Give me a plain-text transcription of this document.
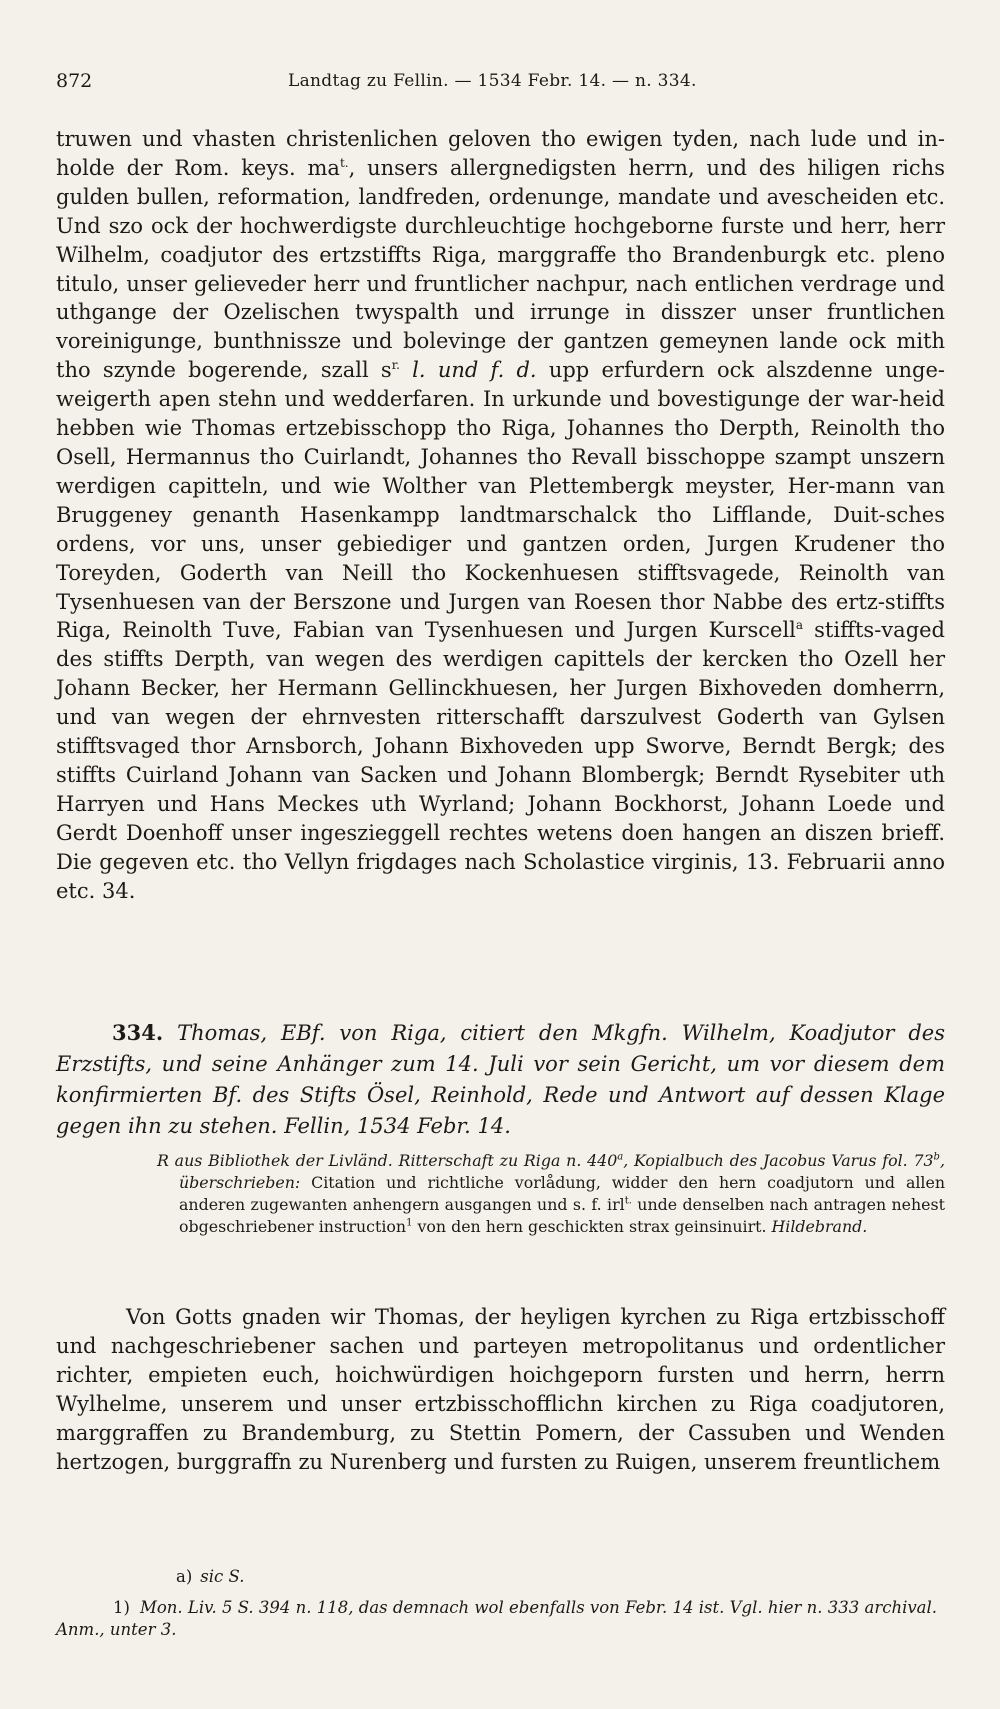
872	Landtag zu Fellin. — 1534 Febr. 14. — n. 334.

truwen und vhasten christenlichen geloven tho ewigen tyden, nach lude und in-holde der Rom. keys. $ma^{t.}$, unsers allergnedigsten herrn, und des hiligen richs gulden bullen, reformation, landfreden, ordenunge, mandate und avescheiden etc. Und szo ock der hochwerdigste durchleuchtige hochgeborne furste und herr, herr Wilhelm, coadjutor des ertzstiffts Riga, marggraffe tho Brandenburgk etc. pleno titulo, unser gelieveder herr und fruntlicher nachpur, nach entlichen verdrage und uthgange der Ozelischen twyspalth und irrunge in disszer unser fruntlichen voreinigunge, bunthnissze und bolevinge der gantzen gemeynen lande ock mith tho szynde bogerende, szall $s^{r.}$ l. und f. d. upp erfurdern ock alszdenne unge-weigerth apen stehn und wedderfaren. In urkunde und bovestigunge der war-heid hebben wie Thomas ertzebisschopp tho Riga, Johannes tho Derpth, Reinolth tho Osell, Hermannus tho Cuirlandt, Johannes tho Revall bisschoppe szampt unszern werdigen capitteln, und wie Wolther van Plettembergk meyster, Her-mann van Bruggeney genanth Hasenkampp landtmarschalck tho Lifflande, Duit-sches ordens, vor uns, unser gebiediger und gantzen orden, Jurgen Krudener tho Toreyden, Goderth van Neill tho Kockenhuesen stifftsvagede, Reinolth van Tysenhuesen van der Berszone und Jurgen van Roesen thor Nabbe des ertz-stiffts Riga, Reinolth Tuve, Fabian van Tysenhuesen und Jurgen Kurscell$^a$ stiffts-vaged des stiffts Derpth, van wegen des werdigen capittels der kercken tho Ozell her Johann Becker, her Hermann Gellinckhuesen, her Jurgen Bixhoveden domherrn, und van wegen der ehrnvesten ritterschafft darszulvest Goderth van Gylsen stifftsvaged thor Arnsborch, Johann Bixhoveden upp Sworve, Berndt Bergk; des stiffts Cuirland Johann van Sacken und Johann Blombergk; Berndt Rysebiter uth Harryen und Hans Meckes uth Wyrland; Johann Bockhorst, Johann Loede und Gerdt Doenhoff unser ingeszieggell rechtes wetens doen hangen an diszen brieff. Die gegeven etc. tho Vellyn frigdages nach Scholastice virginis, 13. Februarii anno etc. 34.

334. Thomas, EBf. von Riga, citiert den Mkgfn. Wilhelm, Koadjutor des Erzstifts, und seine Anhänger zum 14. Juli vor sein Gericht, um vor diesem dem konfirmierten Bf. des Stifts Ösel, Reinhold, Rede und Antwort auf dessen Klage gegen ihn zu stehen. Fellin, 1534 Febr. 14.

R aus Bibliothek der Livländ. Ritterschaft zu Riga n. 440$^a$, Kopialbuch des Jacobus Varus fol. 73$^b$, überschrieben: Citation und richtliche vorlådung, widder den hern coadjutorn und allen anderen zugewanten anhengern ausgangen und s. f. irl$^{t.}$ unde denselben nach antragen nehest obgeschriebener instruction$^1$ von den hern geschickten strax geinsinuirt. Hildebrand.

Von Gotts gnaden wir Thomas, der heyligen kyrchen zu Riga ertzbisschoff und nachgeschriebener sachen und parteyen metropolitanus und ordentlicher richter, empieten euch, hoichwürdigen hoichgeporn fursten und herrn, herrn Wylhelme, unserem und unser ertzbisschofflichn kirchen zu Riga coadjutoren, marggraffen zu Brandemburg, zu Stettin Pomern, der Cassuben und Wenden hertzogen, burggraffn zu Nurenberg und fursten zu Ruigen, unserem freuntlichem

a) sic S.

1) Mon. Liv. 5 S. 394 n. 118, das demnach wol ebenfalls von Febr. 14 ist. Vgl. hier n. 333 archival. Anm., unter 3.
